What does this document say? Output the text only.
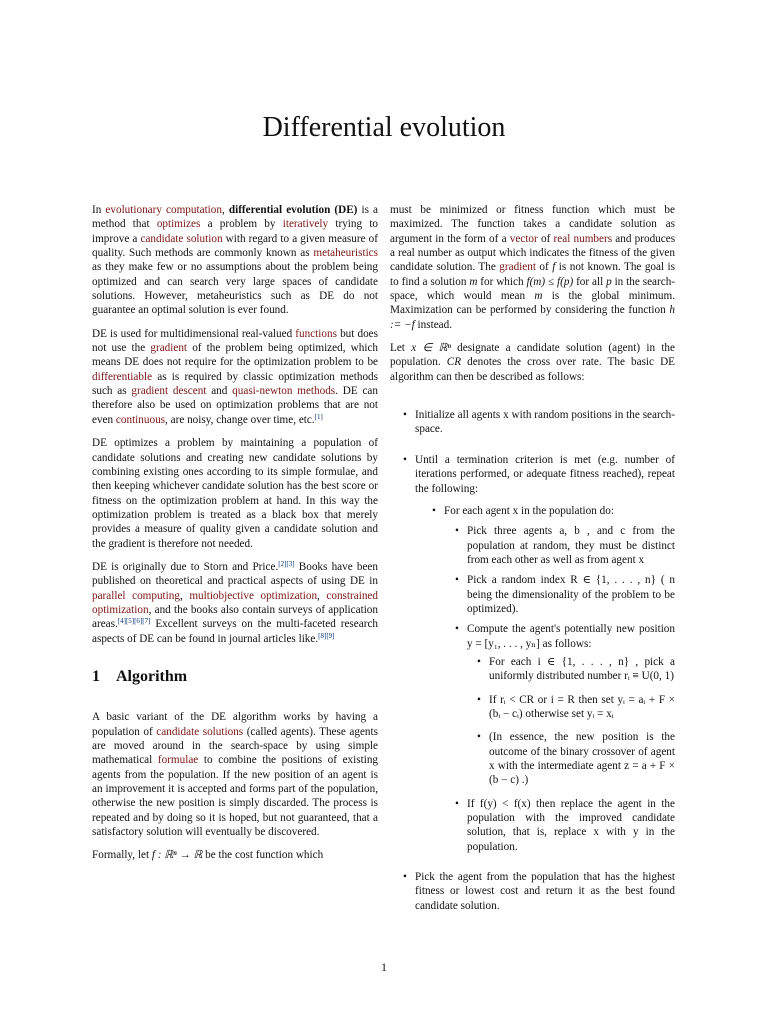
Differential evolution

In evolutionary computation, differential evolution (DE) is a method that optimizes a problem by iteratively trying to improve a candidate solution with regard to a given measure of quality. Such methods are commonly known as metaheuristics as they make few or no assumptions about the problem being optimized and can search very large spaces of candidate solutions. However, metaheuristics such as DE do not guarantee an optimal solution is ever found.

DE is used for multidimensional real-valued functions but does not use the gradient of the problem being optimized, which means DE does not require for the optimization problem to be differentiable as is required by classic optimization methods such as gradient descent and quasi-newton methods. DE can therefore also be used on optimization problems that are not even continuous, are noisy, change over time, etc.[1]

DE optimizes a problem by maintaining a population of candidate solutions and creating new candidate solutions by combining existing ones according to its simple formulae, and then keeping whichever candidate solution has the best score or fitness on the optimization problem at hand. In this way the optimization problem is treated as a black box that merely provides a measure of quality given a candidate solution and the gradient is therefore not needed.

DE is originally due to Storn and Price.[2][3] Books have been published on theoretical and practical aspects of using DE in parallel computing, multiobjective optimization, constrained optimization, and the books also contain surveys of application areas.[4][5][6][7] Excellent surveys on the multi-faceted research aspects of DE can be found in journal articles like.[8][9]

1 Algorithm

A basic variant of the DE algorithm works by having a population of candidate solutions (called agents). These agents are moved around in the search-space by using simple mathematical formulae to combine the positions of existing agents from the population. If the new position of an agent is an improvement it is accepted and forms part of the population, otherwise the new position is simply discarded. The process is repeated and by doing so it is hoped, but not guaranteed, that a satisfactory solution will eventually be discovered.

Formally, let f : ℝⁿ → ℝ be the cost function which

must be minimized or fitness function which must be maximized. The function takes a candidate solution as argument in the form of a vector of real numbers and produces a real number as output which indicates the fitness of the given candidate solution. The gradient of f is not known. The goal is to find a solution m for which f(m) ≤ f(p) for all p in the search-space, which would mean m is the global minimum. Maximization can be performed by considering the function h := −f instead.

Let x ∈ ℝⁿ designate a candidate solution (agent) in the population. CR denotes the cross over rate. The basic DE algorithm can then be described as follows:

• Initialize all agents x with random positions in the search-space.
• Until a termination criterion is met (e.g. number of iterations performed, or adequate fitness reached), repeat the following:
• For each agent x in the population do:
• Pick three agents a, b , and c from the population at random, they must be distinct from each other as well as from agent x
• Pick a random index R ∈ {1, . . . , n} ( n being the dimensionality of the problem to be optimized).
• Compute the agent's potentially new position y = [y₁, . . . , yₙ] as follows:
• For each i ∈ {1, . . . , n} , pick a uniformly distributed number rᵢ ≡ U(0, 1)
• If rᵢ < CR or i = R then set yᵢ = aᵢ + F × (bᵢ − cᵢ) otherwise set yᵢ = xᵢ
• (In essence, the new position is the outcome of the binary crossover of agent x with the intermediate agent z = a + F × (b − c) .)
• If f(y) < f(x) then replace the agent in the population with the improved candidate solution, that is, replace x with y in the population.
• Pick the agent from the population that has the highest fitness or lowest cost and return it as the best found candidate solution.
1
